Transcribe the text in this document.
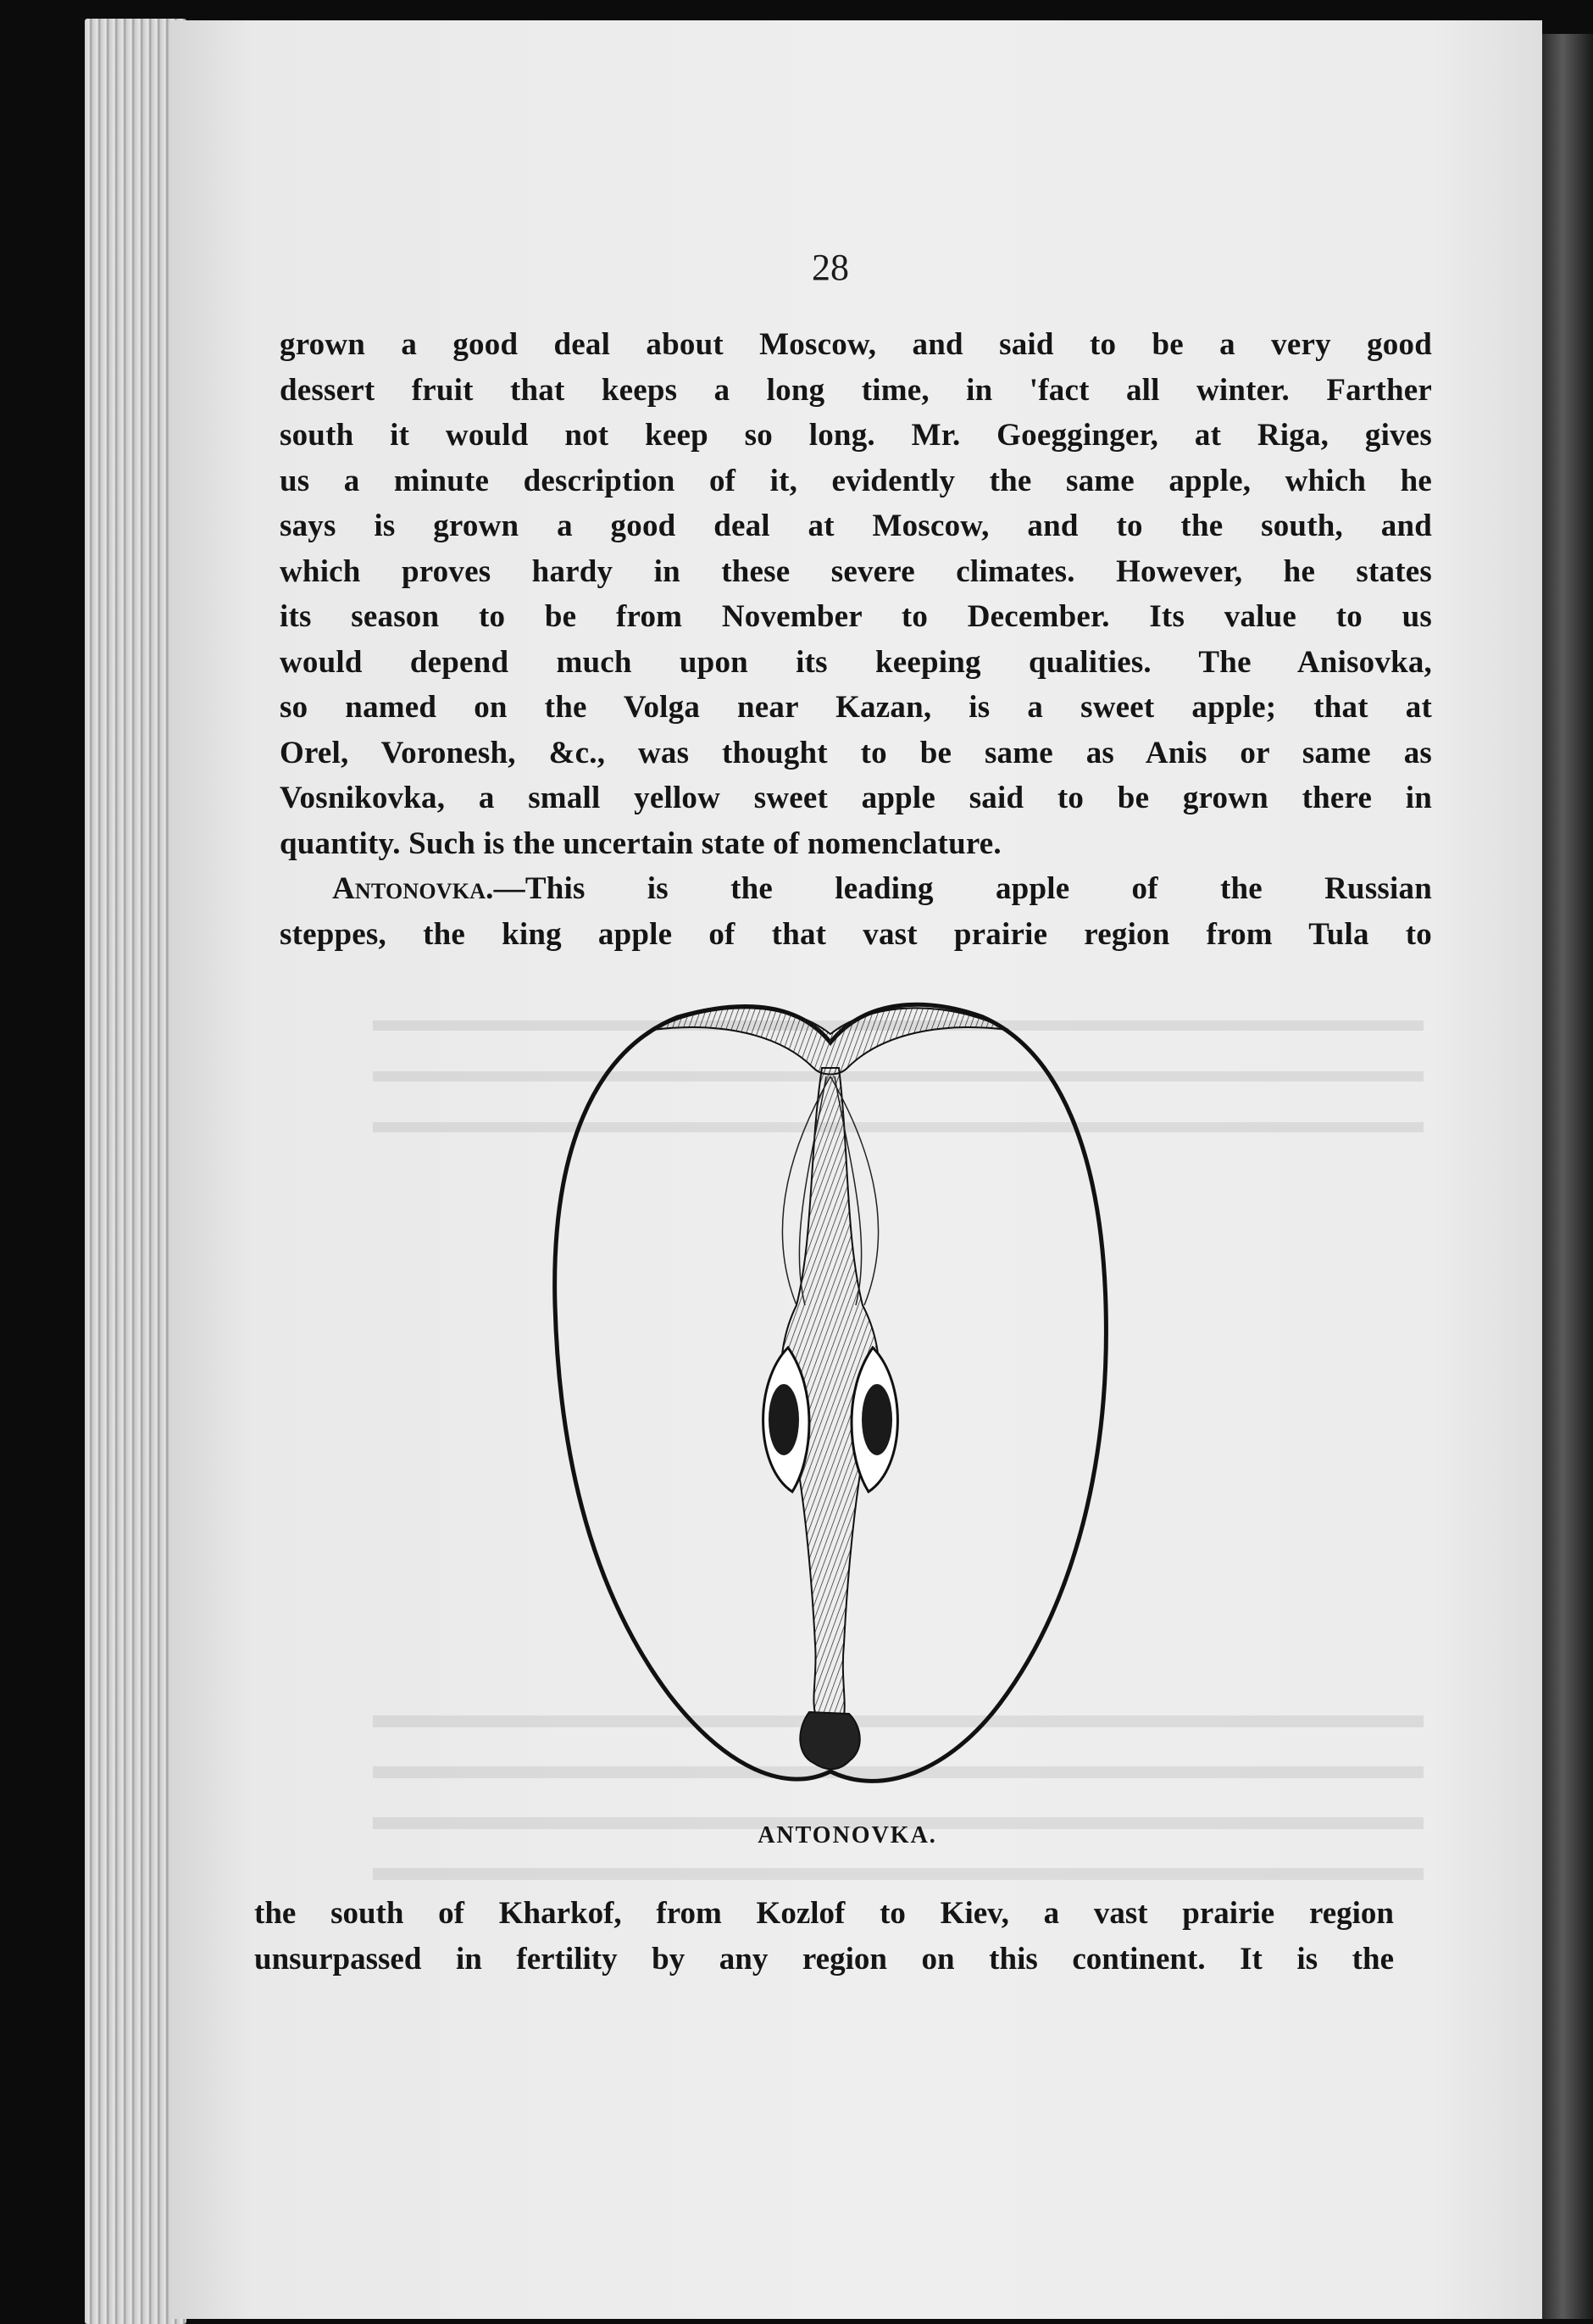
28
grown a good deal about Moscow, and said to be a very good
dessert fruit that keeps a long time, in 'fact all winter. Farther
south it would not keep so long. Mr. Goegginger, at Riga, gives
us a minute description of it, evidently the same apple, which he
says is grown a good deal at Moscow, and to the south, and
which proves hardy in these severe climates. However, he states
its season to be from November to December. Its value to us
would depend much upon its keeping qualities. The Anisovka,
so named on the Volga near Kazan, is a sweet apple; that at
Orel, Voronesh, &c., was thought to be same as Anis or same as
Vosnikovka, a small yellow sweet apple said to be grown there in
quantity. Such is the uncertain state of nomenclature.
Antonovka.—This is the leading apple of the Russian
steppes, the king apple of that vast prairie region from Tula to
ANTONOVKA.
the south of Kharkof, from Kozlof to Kiev, a vast prairie region
unsurpassed in fertility by any region on this continent. It is the
